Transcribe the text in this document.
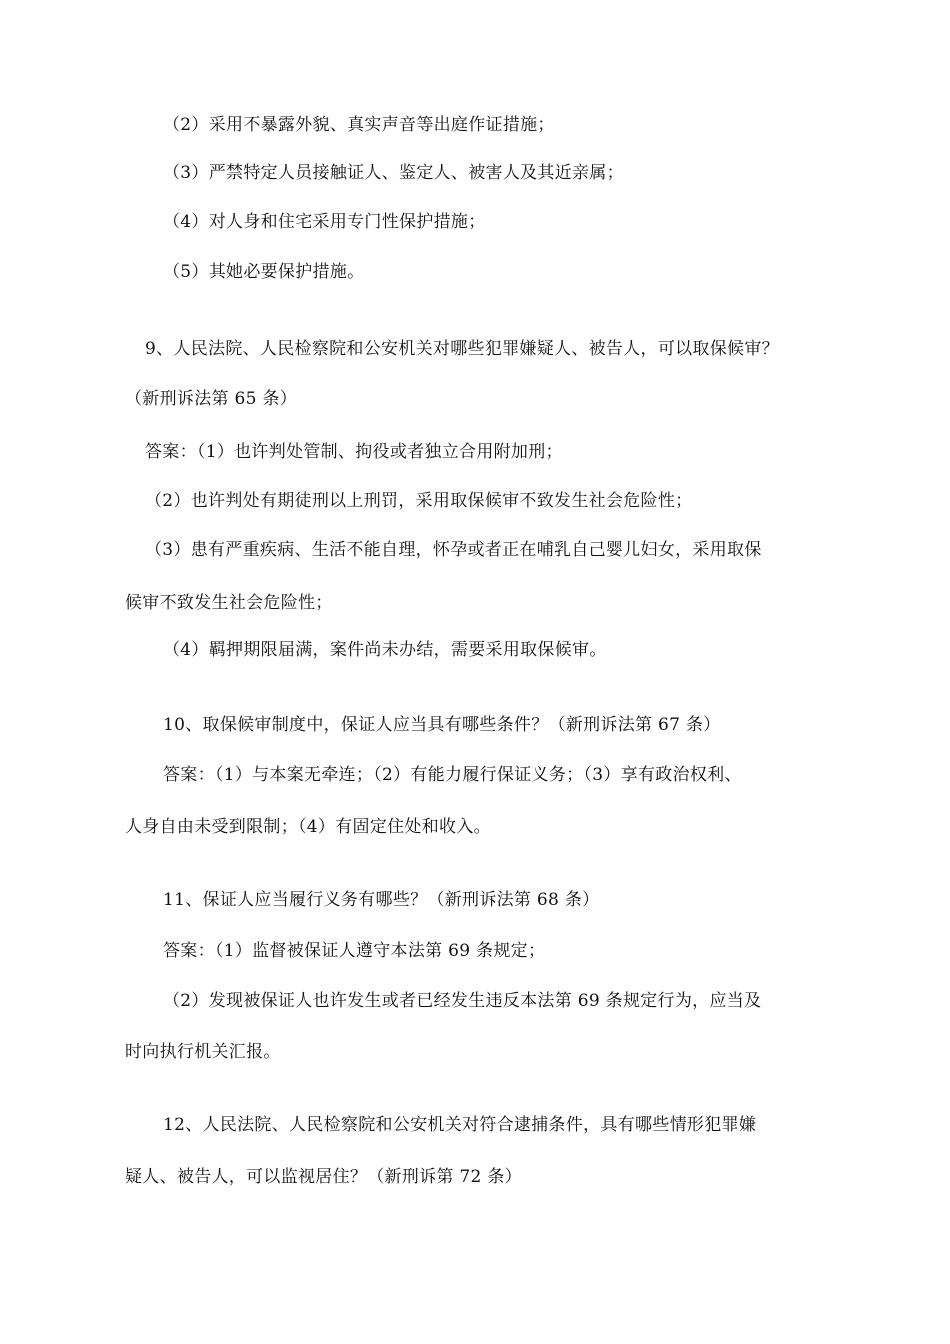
（2）采用不暴露外貌、真实声音等出庭作证措施；
（3）严禁特定人员接触证人、鉴定人、被害人及其近亲属；
（4）对人身和住宅采用专门性保护措施；
（5）其她必要保护措施。
9、人民法院、人民检察院和公安机关对哪些犯罪嫌疑人、被告人，可以取保候审？
（新刑诉法第 65 条）
答案：（1）也许判处管制、拘役或者独立合用附加刑；
（2）也许判处有期徒刑以上刑罚，采用取保候审不致发生社会危险性；
（3）患有严重疾病、生活不能自理，怀孕或者正在哺乳自己婴儿妇女，采用取保
候审不致发生社会危险性；
（4）羁押期限届满，案件尚未办结，需要采用取保候审。
10、取保候审制度中，保证人应当具有哪些条件？（新刑诉法第 67 条）
答案：（1）与本案无牵连；（2）有能力履行保证义务；（3）享有政治权利、
人身自由未受到限制；（4）有固定住处和收入。
11、保证人应当履行义务有哪些？（新刑诉法第 68 条）
答案：（1）监督被保证人遵守本法第 69 条规定；
（2）发现被保证人也许发生或者已经发生违反本法第 69 条规定行为，应当及
时向执行机关汇报。
12、人民法院、人民检察院和公安机关对符合逮捕条件，具有哪些情形犯罪嫌
疑人、被告人，可以监视居住？（新刑诉第 72 条）
